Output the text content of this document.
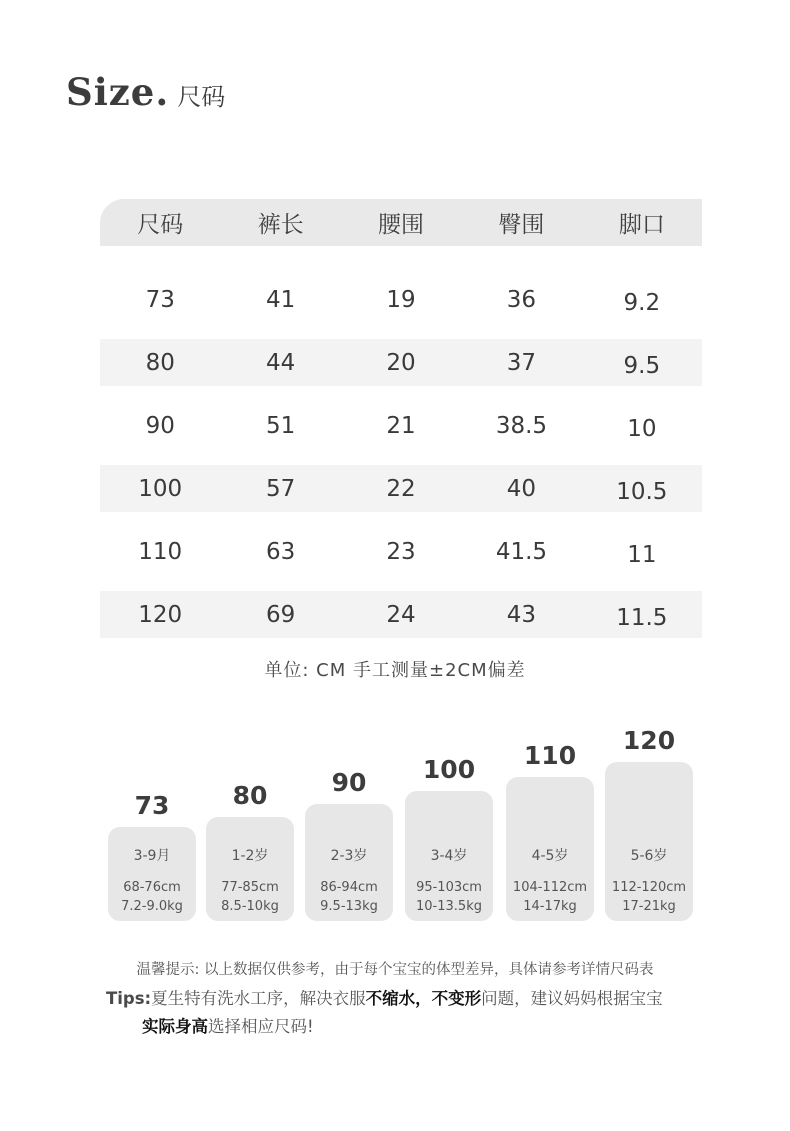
Size. 尺码
尺码	裤长	腰围	臀围	脚口
73	41	19	36	9.2
80	44	20	37	9.5
90	51	21	38.5	10
100	57	22	40	10.5
110	63	23	41.5	11
120	69	24	43	11.5
单位: CM 手工测量±2CM偏差
73
3-9月
68-76cm
7.2-9.0kg
80
1-2岁
77-85cm
8.5-10kg
90
2-3岁
86-94cm
9.5-13kg
100
3-4岁
95-103cm
10-13.5kg
110
4-5岁
104-112cm
14-17kg
120
5-6岁
112-120cm
17-21kg
温馨提示: 以上数据仅供参考，由于每个宝宝的体型差异，具体请参考详情尺码表
Tips:夏生特有洗水工序，解决衣服不缩水，不变形问题，建议妈妈根据宝宝
实际身高选择相应尺码!
